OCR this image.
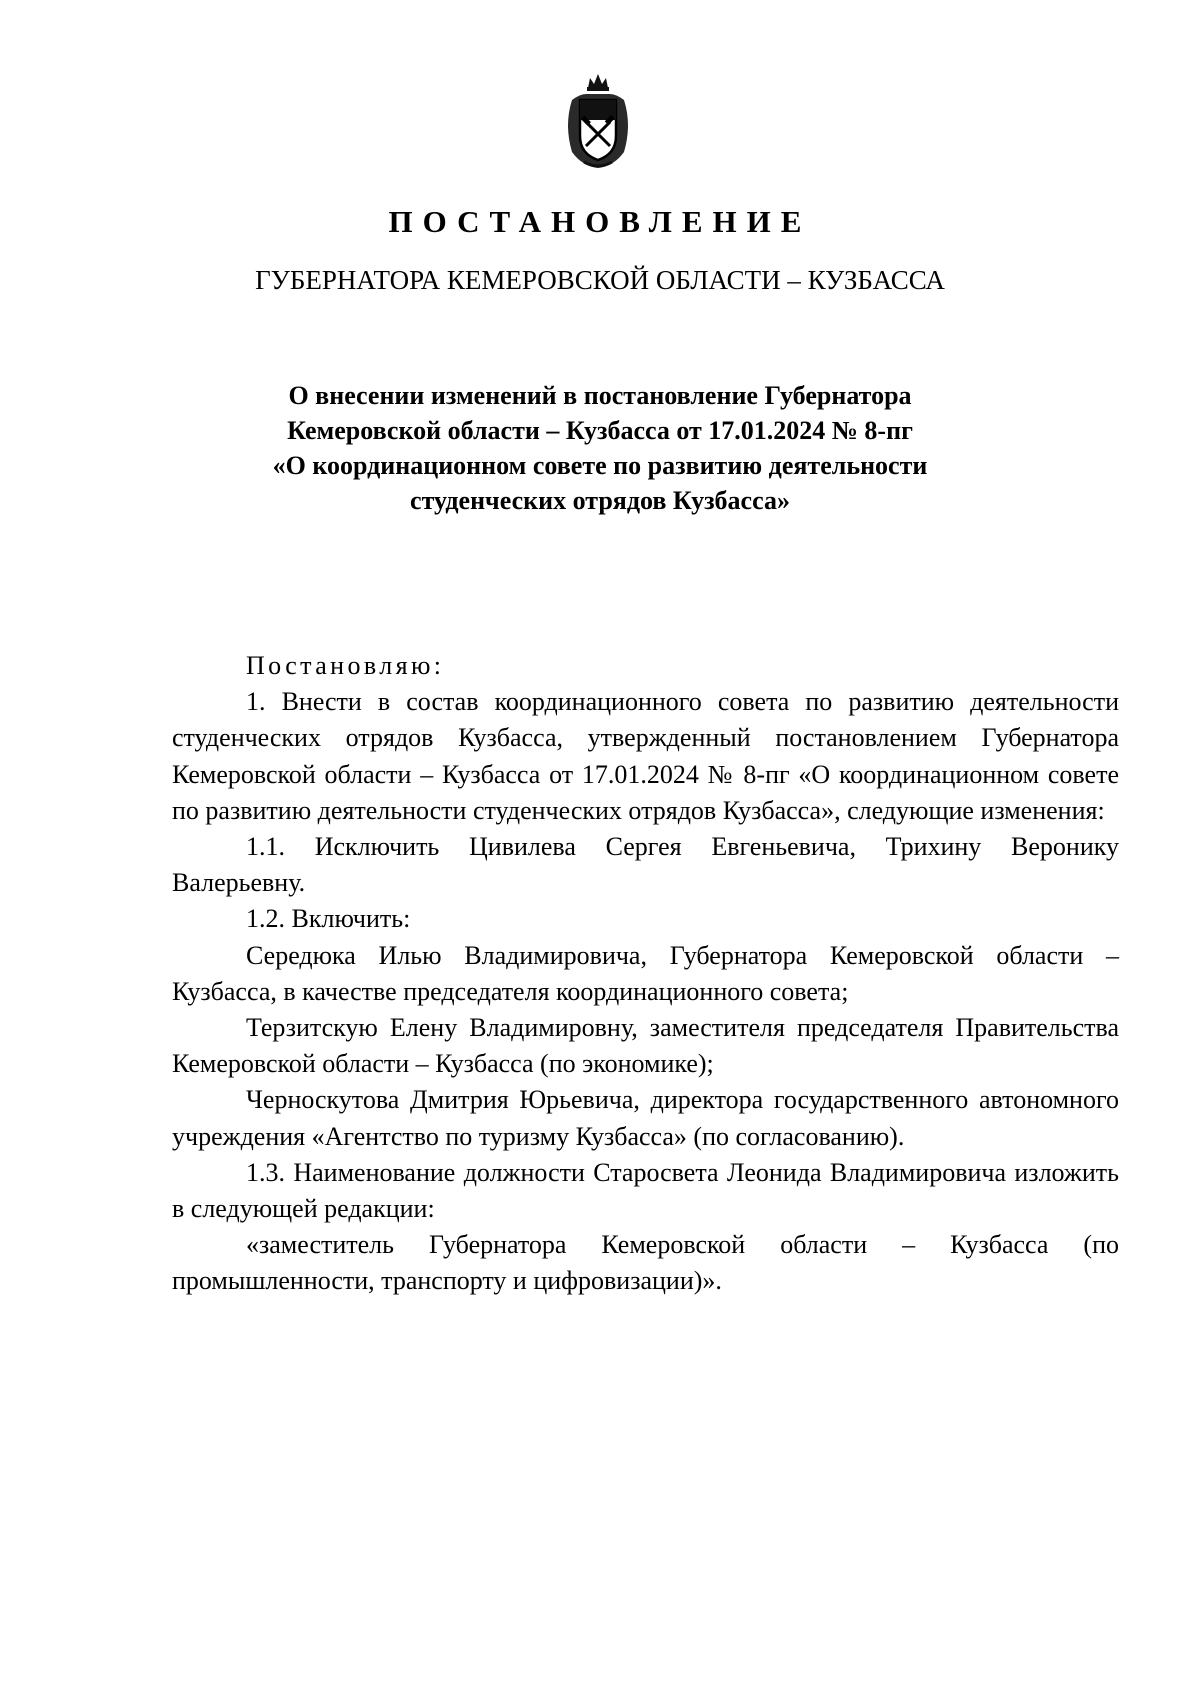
ПОСТАНОВЛЕНИЕ
ГУБЕРНАТОРА КЕМЕРОВСКОЙ ОБЛАСТИ – КУЗБАССА
О внесении изменений в постановление Губернатора
Кемеровской области – Кузбасса от 17.01.2024 № 8-пг
«О координационном совете по развитию деятельности
студенческих отрядов Кузбасса»

Постановляю:

1. Внести в состав координационного совета по развитию деятельности студенческих отрядов Кузбасса, утвержденный постановлением Губернатора Кемеровской области – Кузбасса от 17.01.2024 № 8-пг «О координационном совете по развитию деятельности студенческих отрядов Кузбасса», следующие изменения:

1.1. Исключить Цивилева Сергея Евгеньевича, Трихину Веронику Валерьевну.

1.2. Включить:

Середюка Илью Владимировича, Губернатора Кемеровской области – Кузбасса, в качестве председателя координационного совета;

Терзитскую Елену Владимировну, заместителя председателя Правительства Кемеровской области – Кузбасса (по экономике);

Черноскутова Дмитрия Юрьевича, директора государственного автономного учреждения «Агентство по туризму Кузбасса» (по согласованию).

1.3. Наименование должности Старосвета Леонида Владимировича изложить в следующей редакции:

«заместитель Губернатора Кемеровской области – Кузбасса (по промышленности, транспорту и цифровизации)».
